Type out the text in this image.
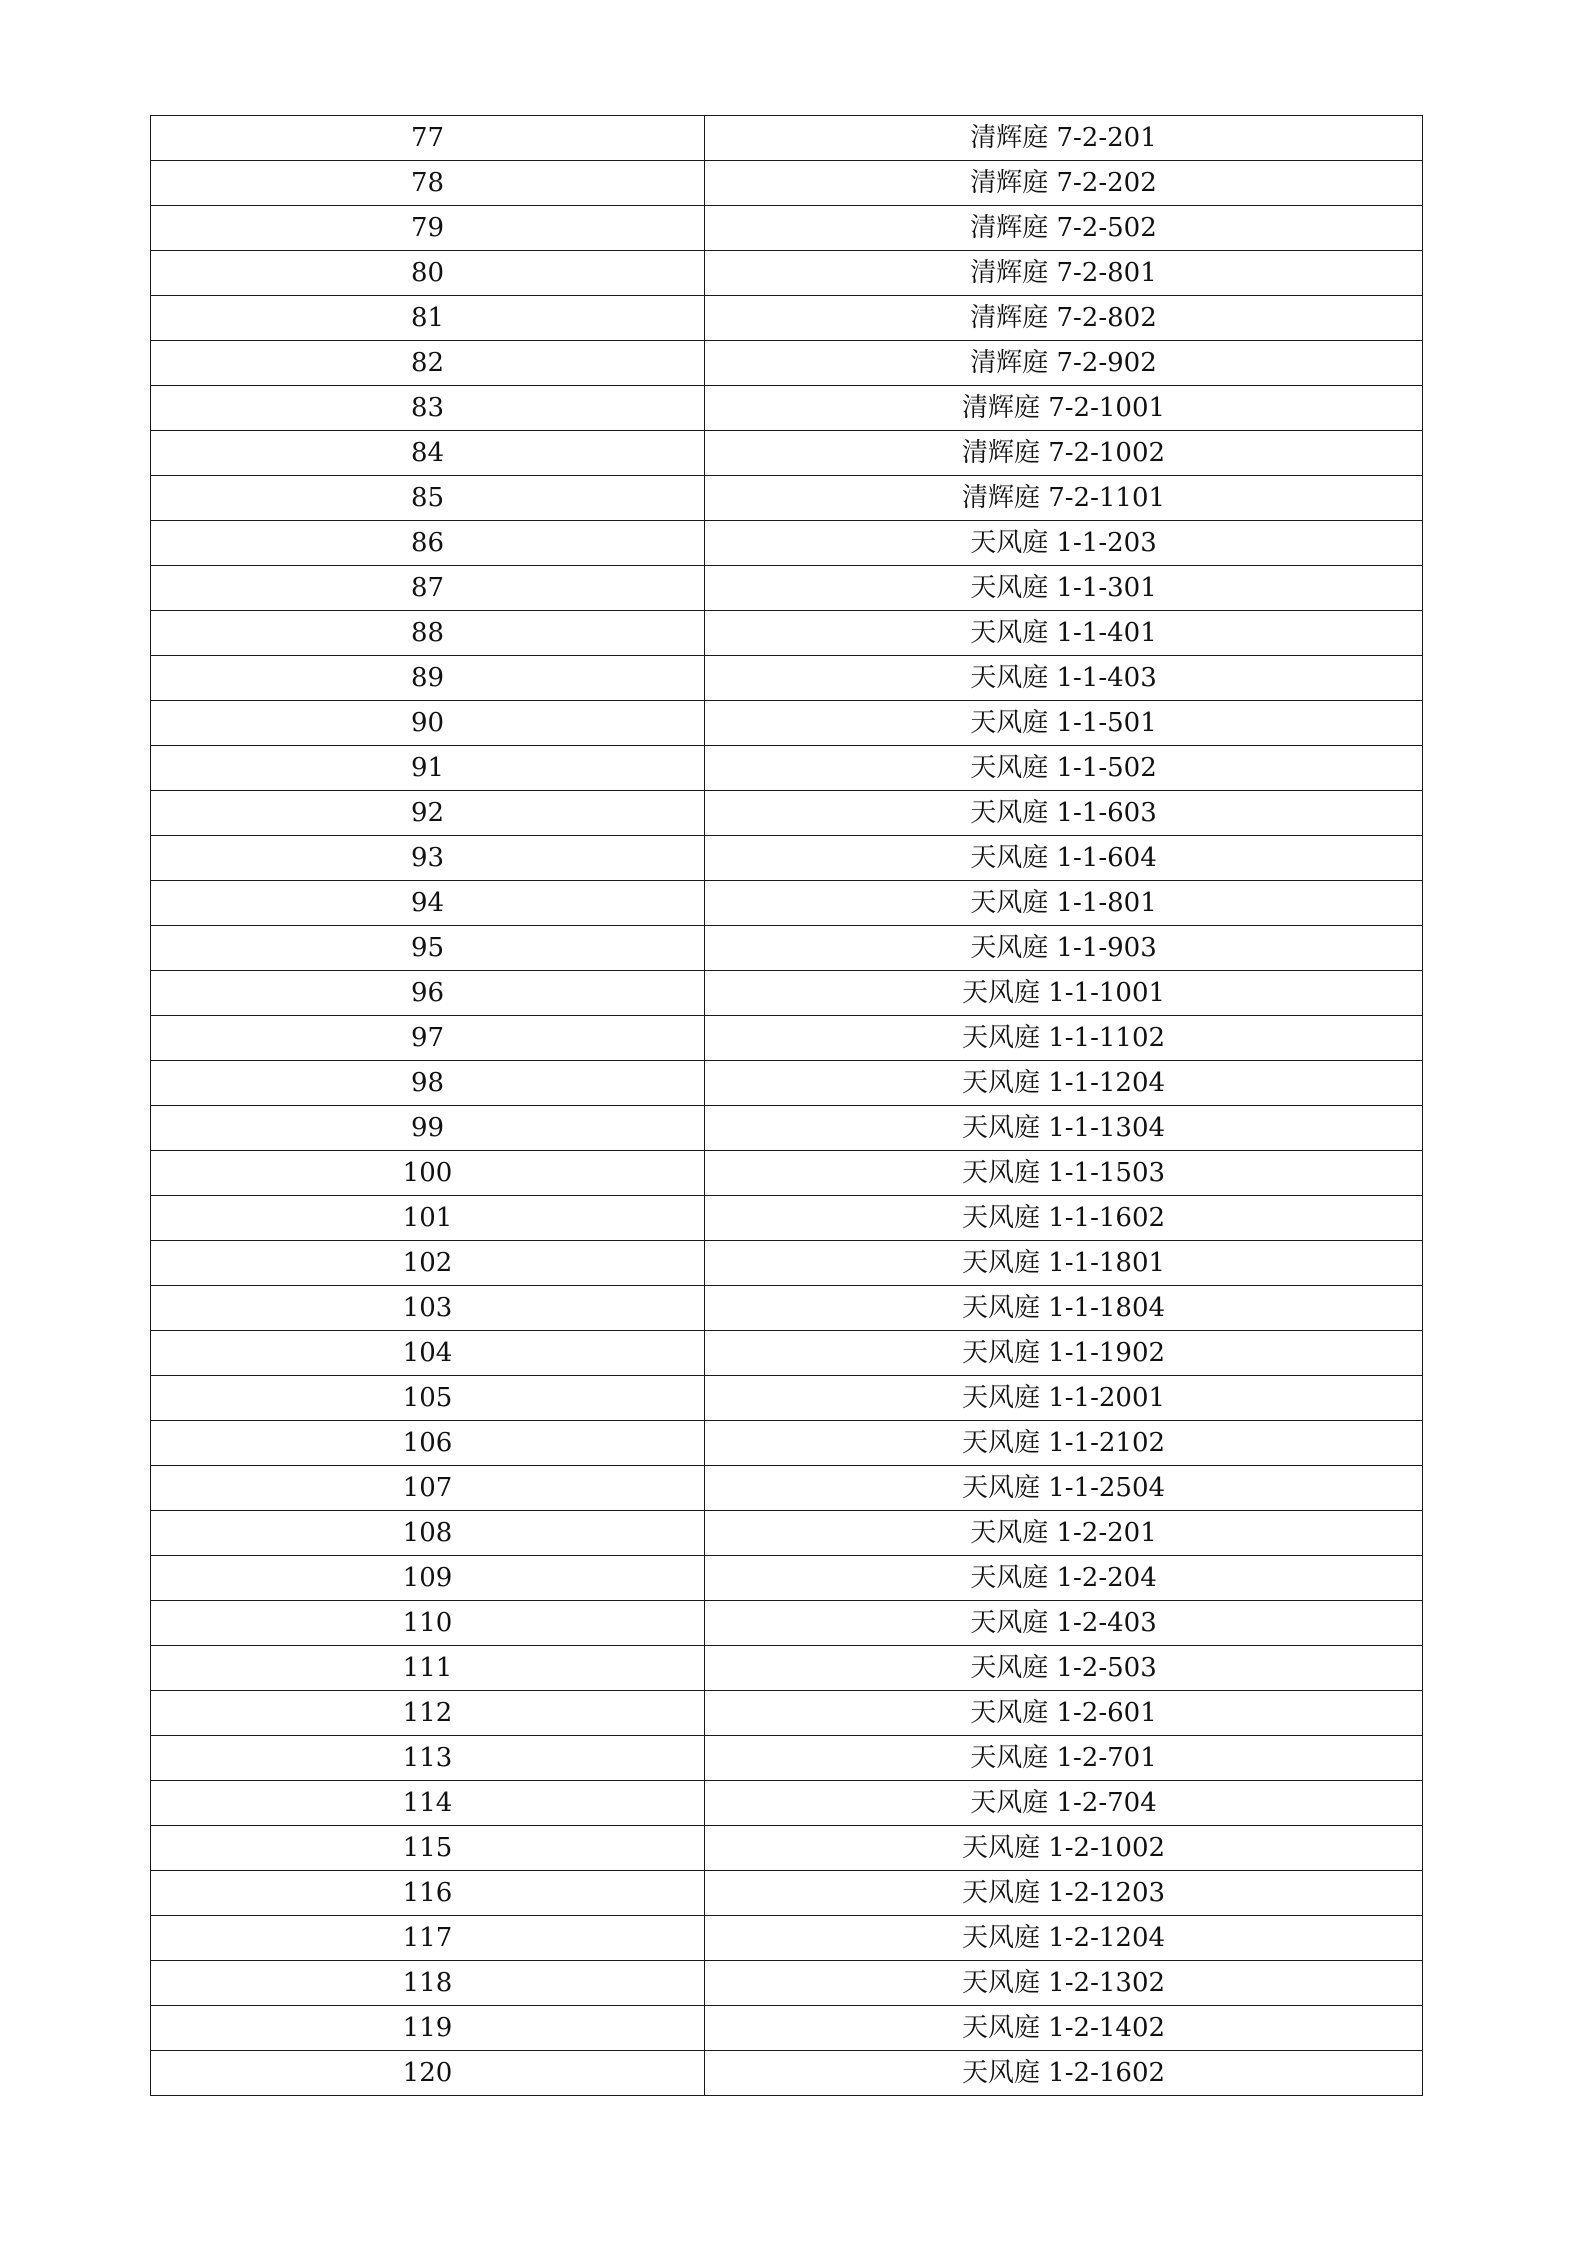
77	清辉庭 7-2-201
78	清辉庭 7-2-202
79	清辉庭 7-2-502
80	清辉庭 7-2-801
81	清辉庭 7-2-802
82	清辉庭 7-2-902
83	清辉庭 7-2-1001
84	清辉庭 7-2-1002
85	清辉庭 7-2-1101
86	天风庭 1-1-203
87	天风庭 1-1-301
88	天风庭 1-1-401
89	天风庭 1-1-403
90	天风庭 1-1-501
91	天风庭 1-1-502
92	天风庭 1-1-603
93	天风庭 1-1-604
94	天风庭 1-1-801
95	天风庭 1-1-903
96	天风庭 1-1-1001
97	天风庭 1-1-1102
98	天风庭 1-1-1204
99	天风庭 1-1-1304
100	天风庭 1-1-1503
101	天风庭 1-1-1602
102	天风庭 1-1-1801
103	天风庭 1-1-1804
104	天风庭 1-1-1902
105	天风庭 1-1-2001
106	天风庭 1-1-2102
107	天风庭 1-1-2504
108	天风庭 1-2-201
109	天风庭 1-2-204
110	天风庭 1-2-403
111	天风庭 1-2-503
112	天风庭 1-2-601
113	天风庭 1-2-701
114	天风庭 1-2-704
115	天风庭 1-2-1002
116	天风庭 1-2-1203
117	天风庭 1-2-1204
118	天风庭 1-2-1302
119	天风庭 1-2-1402
120	天风庭 1-2-1602
